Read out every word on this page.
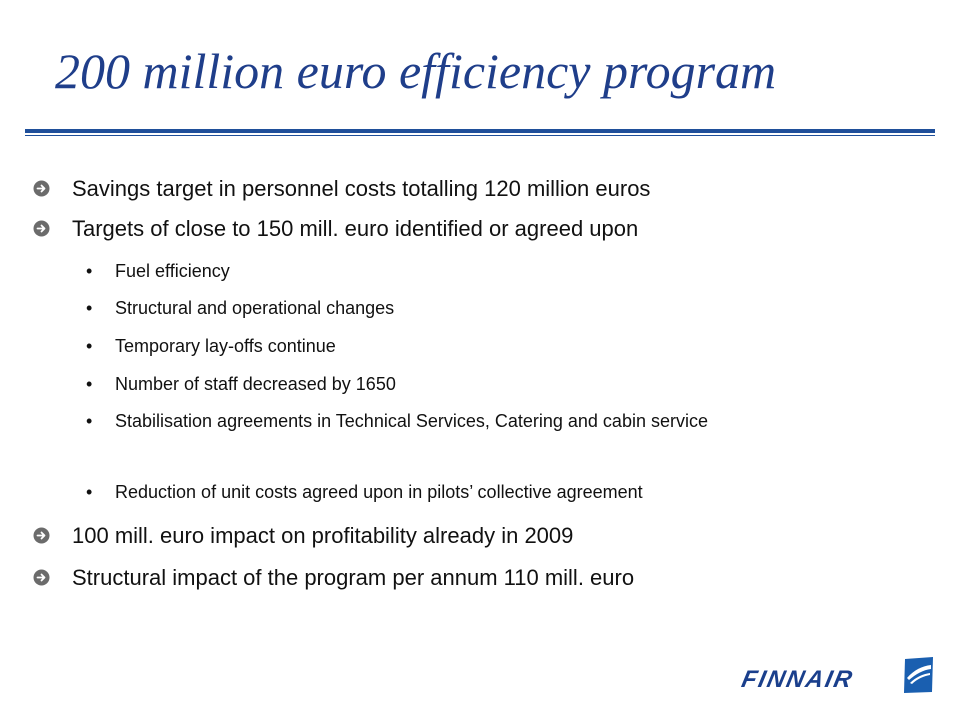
200 million euro efficiency program
Savings target in personnel costs totalling 120 million euros
Targets of close to 150 mill. euro identified or agreed upon
• Fuel efficiency
• Structural and operational changes
• Temporary lay-offs continue
• Number of staff decreased by 1650
• Stabilisation agreements in Technical Services, Catering and cabin service
• Reduction of unit costs agreed upon in pilots’ collective agreement
100 mill. euro impact on profitability already in 2009
Structural impact of the program per annum 110 mill. euro
FINNAIR
